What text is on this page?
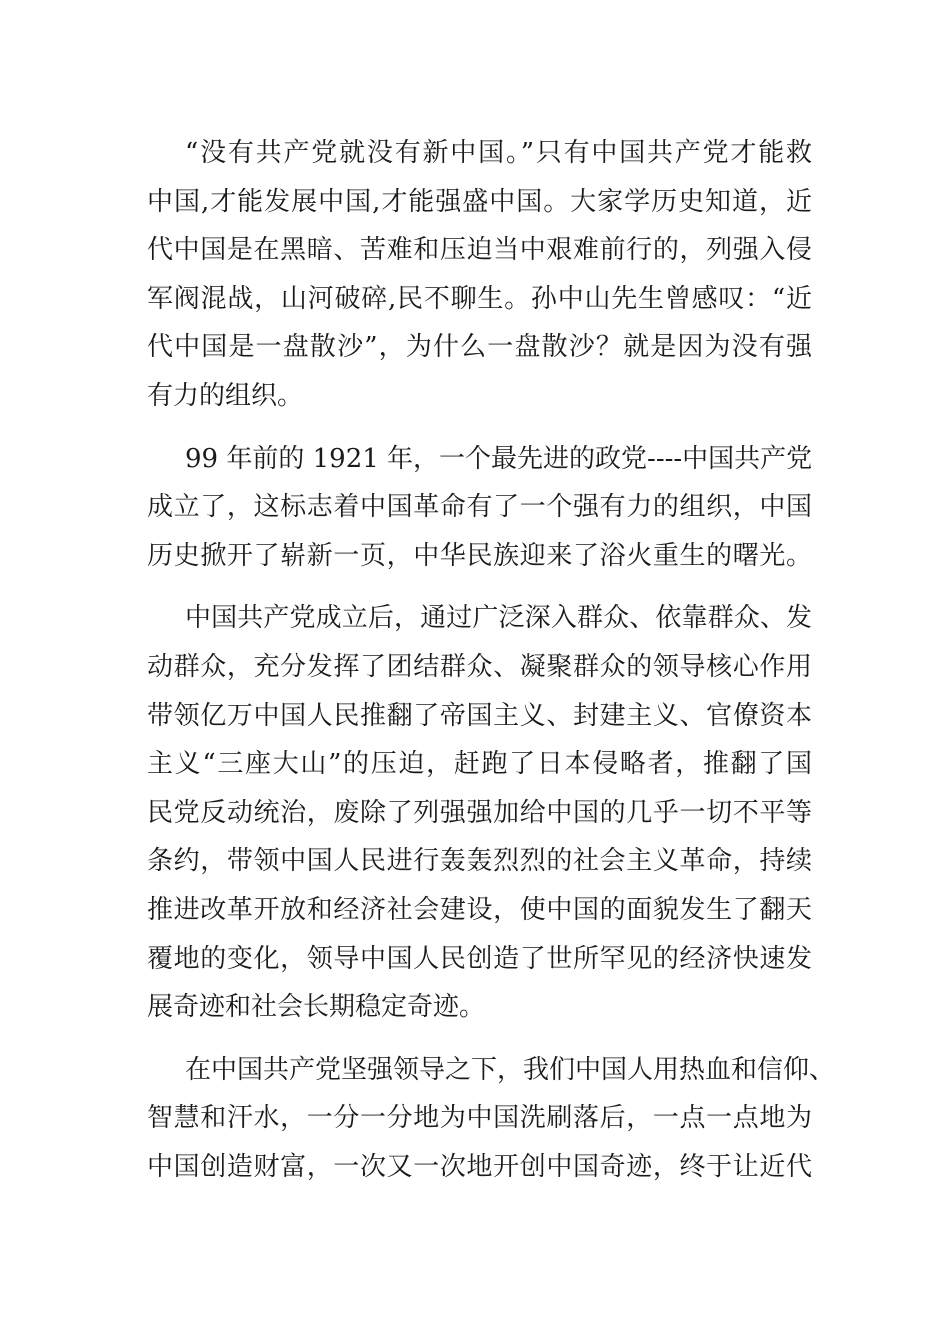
“没有共产党就没有新中国。”只有中国共产党才能救
中国,才能发展中国,才能强盛中国。大家学历史知道，近
代中国是在黑暗、苦难和压迫当中艰难前行的，列强入侵
军阀混战，山河破碎,民不聊生。孙中山先生曾感叹：“近
代中国是一盘散沙”，为什么一盘散沙？就是因为没有强
有力的组织。
99 年前的 1921 年，一个最先进的政党----中国共产党
成立了，这标志着中国革命有了一个强有力的组织，中国
历史掀开了崭新一页，中华民族迎来了浴火重生的曙光。
中国共产党成立后，通过广泛深入群众、依靠群众、发
动群众，充分发挥了团结群众、凝聚群众的领导核心作用
带领亿万中国人民推翻了帝国主义、封建主义、官僚资本
主义“三座大山”的压迫，赶跑了日本侵略者，推翻了国
民党反动统治，废除了列强强加给中国的几乎一切不平等
条约，带领中国人民进行轰轰烈烈的社会主义革命，持续
推进改革开放和经济社会建设，使中国的面貌发生了翻天
覆地的变化，领导中国人民创造了世所罕见的经济快速发
展奇迹和社会长期稳定奇迹。
在中国共产党坚强领导之下，我们中国人用热血和信仰、
智慧和汗水，一分一分地为中国洗刷落后，一点一点地为
中国创造财富，一次又一次地开创中国奇迹，终于让近代
